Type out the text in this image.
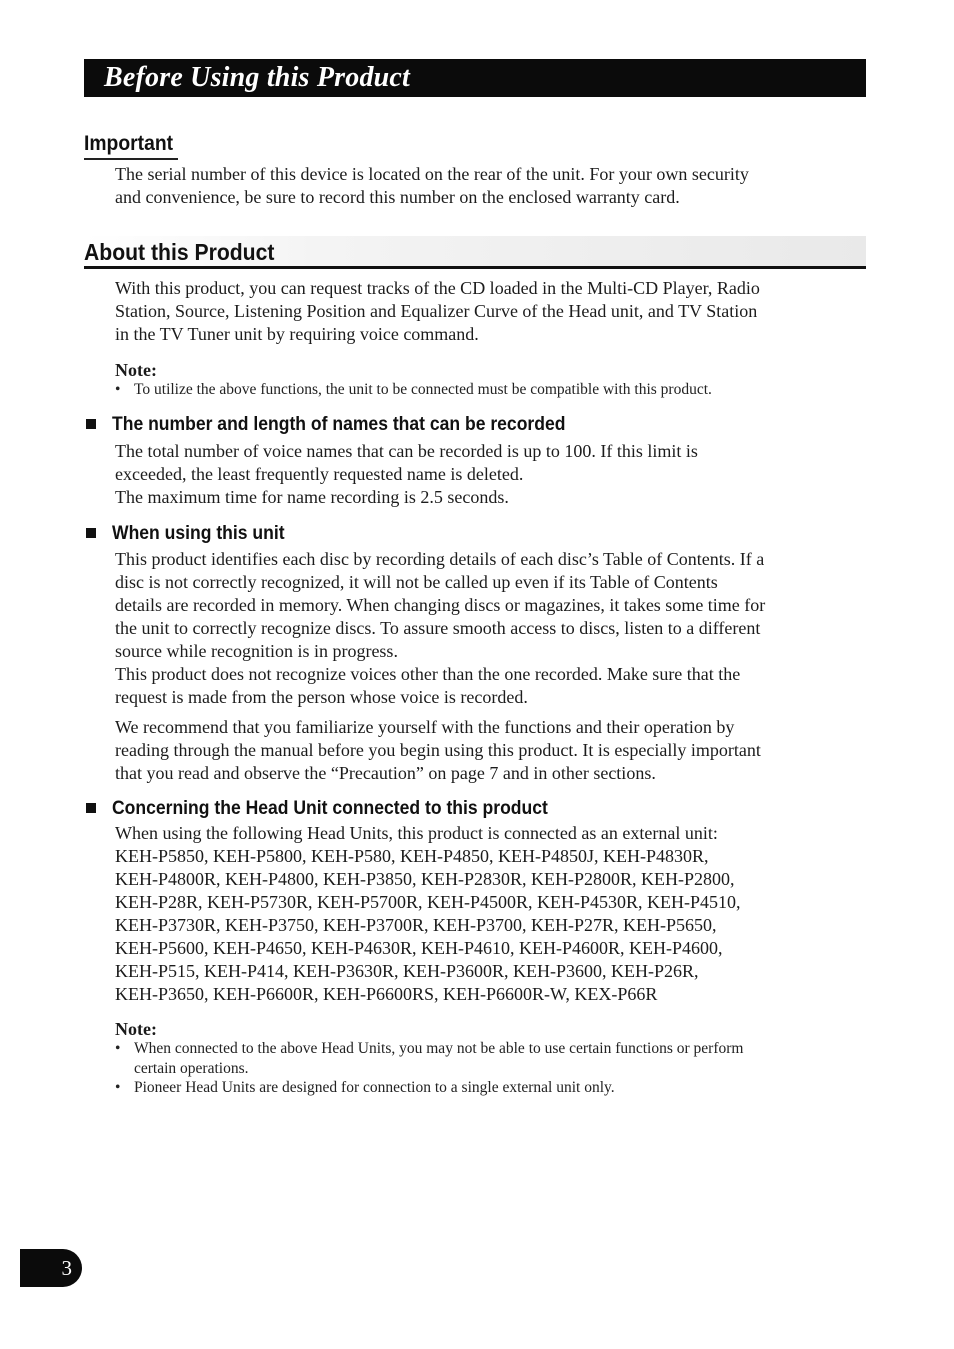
Before Using this Product
Important
The serial number of this device is located on the rear of the unit. For your own security
and convenience, be sure to record this number on the enclosed warranty card.
About this Product
With this product, you can request tracks of the CD loaded in the Multi-CD Player, Radio
Station, Source, Listening Position and Equalizer Curve of the Head unit, and TV Station
in the TV Tuner unit by requiring voice command.
Note:
• To utilize the above functions, the unit to be connected must be compatible with this product.
The number and length of names that can be recorded
The total number of voice names that can be recorded is up to 100. If this limit is
exceeded, the least frequently requested name is deleted.
The maximum time for name recording is 2.5 seconds.
When using this unit
This product identifies each disc by recording details of each disc’s Table of Contents. If a
disc is not correctly recognized, it will not be called up even if its Table of Contents
details are recorded in memory. When changing discs or magazines, it takes some time for
the unit to correctly recognize discs. To assure smooth access to discs, listen to a different
source while recognition is in progress.
This product does not recognize voices other than the one recorded. Make sure that the
request is made from the person whose voice is recorded.
We recommend that you familiarize yourself with the functions and their operation by
reading through the manual before you begin using this product. It is especially important
that you read and observe the “Precaution” on page 7 and in other sections.
Concerning the Head Unit connected to this product
When using the following Head Units, this product is connected as an external unit:
KEH-P5850, KEH-P5800, KEH-P580, KEH-P4850, KEH-P4850J, KEH-P4830R,
KEH-P4800R, KEH-P4800, KEH-P3850, KEH-P2830R, KEH-P2800R, KEH-P2800,
KEH-P28R, KEH-P5730R, KEH-P5700R, KEH-P4500R, KEH-P4530R, KEH-P4510,
KEH-P3730R, KEH-P3750, KEH-P3700R, KEH-P3700, KEH-P27R, KEH-P5650,
KEH-P5600, KEH-P4650, KEH-P4630R, KEH-P4610, KEH-P4600R, KEH-P4600,
KEH-P515, KEH-P414, KEH-P3630R, KEH-P3600R, KEH-P3600, KEH-P26R,
KEH-P3650, KEH-P6600R, KEH-P6600RS, KEH-P6600R-W, KEX-P66R
Note:
• When connected to the above Head Units, you may not be able to use certain functions or perform
certain operations.
• Pioneer Head Units are designed for connection to a single external unit only.
3
